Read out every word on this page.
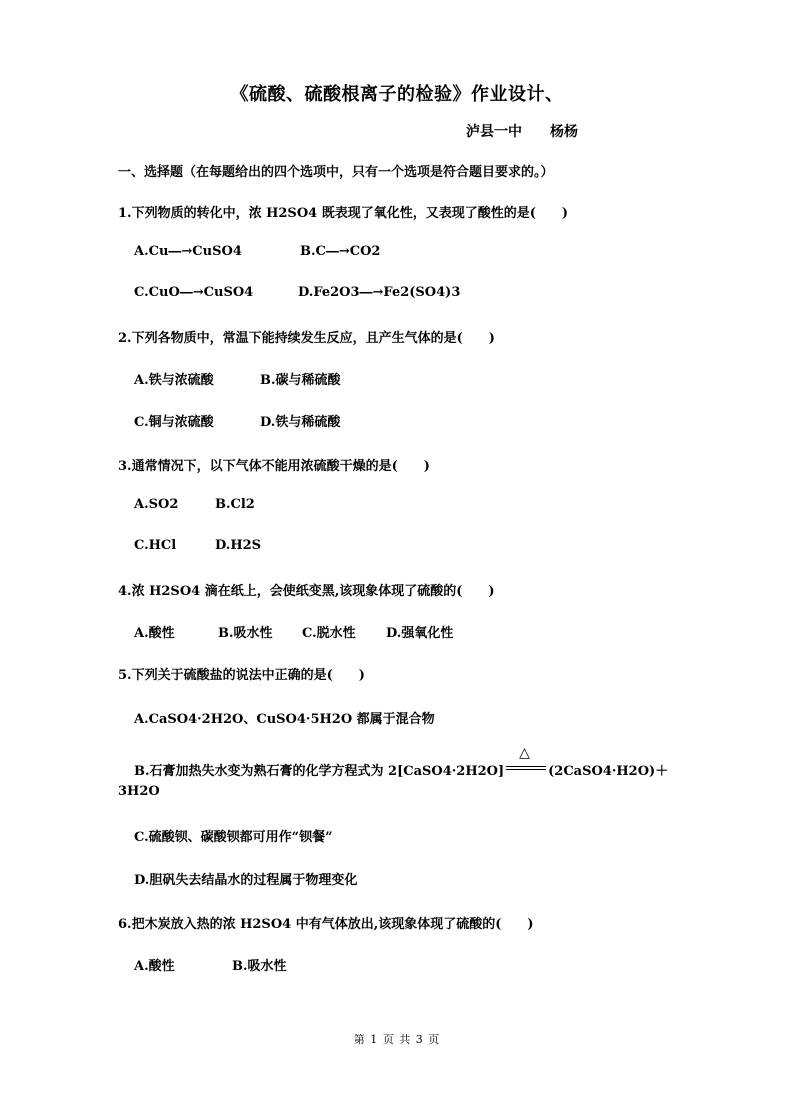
《硫酸、硫酸根离子的检验》作业设计、
泸县一中　　杨杨
一、选择题（在每题给出的四个选项中，只有一个选项是符合题目要求的。）
1.下列物质的转化中，浓 H2SO4 既表现了氧化性，又表现了酸性的是(　　)
A.Cu―→CuSO4	B.C―→CO2
C.CuO―→CuSO4	D.Fe2O3―→Fe2(SO4)3
2.下列各物质中，常温下能持续发生反应，且产生气体的是(　　)
A.铁与浓硫酸	B.碳与稀硫酸
C.铜与浓硫酸	D.铁与稀硫酸
3.通常情况下，以下气体不能用浓硫酸干燥的是(　　)
A.SO2	B.Cl2
C.HCl	D.H2S
4.浓 H2SO4 滴在纸上，会使纸变黑,该现象体现了硫酸的(　　)
A.酸性	B.吸水性 C.脱水性 D.强氧化性
5.下列关于硫酸盐的说法中正确的是(　　)
A.CaSO4·2H2O、CuSO4·5H2O 都属于混合物
B.石膏加热失水变为熟石膏的化学方程式为 2[CaSO4·2H2O]
△
(2CaSO4·H2O)＋
3H2O
C.硫酸钡、碳酸钡都可用作“钡餐”
D.胆矾失去结晶水的过程属于物理变化
6.把木炭放入热的浓 H2SO4 中有气体放出,该现象体现了硫酸的(　　)
A.酸性	B.吸水性
第 1 页 共 3 页
